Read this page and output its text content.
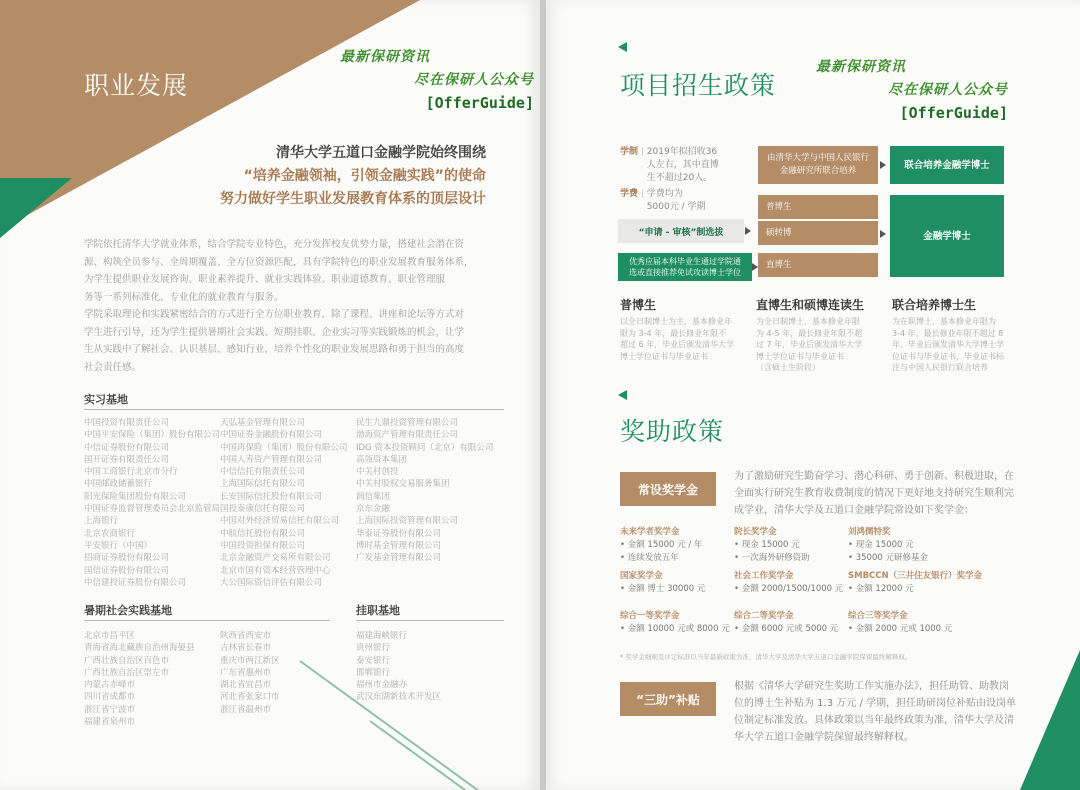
职业发展
最新保研资讯
尽在保研人公众号
[OfferGuide]
清华大学五道口金融学院始终围绕
“培养金融领袖，引领金融实践”的使命
努力做好学生职业发展教育体系的顶层设计
学院依托清华大学就业体系，结合学院专业特色，充分发挥校友优势力量，搭建社会潜在资
源、构筑全员参与、全周期覆盖、全方位资源匹配，具有学院特色的职业发展教育服务体系，
为学生提供职业发展咨询、职业素养提升、就业实践体验、职业道德教育、职业管理服
务等一系列标准化、专业化的就业教育与服务。
学院采取理论和实践紧密结合的方式进行全方位职业教育，除了课程、讲座和论坛等方式对
学生进行引导，还为学生提供暑期社会实践、短期挂职、企业实习等实践锻炼的机会，让学
生从实践中了解社会、认识基层、感知行业，培养个性化的职业发展思路和勇于担当的高度
社会责任感。
实习基地
中国投资有限责任公司
中国平安保险（集团）股份有限公司
中信证券股份有限公司
国开证券有限责任公司
中国工商银行北京市分行
中国邮政储蓄银行
阳光保险集团股份有限公司
中国证券监督管理委员会北京监管局
上海银行
北京农商银行
平安银行（中国）
招商证券股份有限公司
国信证券股份有限公司
中信建投证券股份有限公司
天弘基金管理有限公司
中国证券金融股份有限公司
中国再保险（集团）股份有限公司
中国人寿资产管理有限公司
中信信托有限责任公司
上海国际信托有限公司
长安国际信托股份有限公司
国投泰康信托有限公司
中国对外经济贸易信托有限公司
中航信托股份有限公司
中国投资担保有限公司
北京金融资产交易所有限公司
北京市国有资本经营管理中心
大公国际资信评估有限公司
民生九鼎投资管理有限公司
渤海资产管理有限责任公司
IDG 资本投资顾问（北京）有限公司
高瓴资本集团
中关村创投
中关村股权交易服务集团
润信集团
京东金融
上海国际投资管理有限公司
华泰证券股份有限公司
博时基金管理有限公司
广发基金管理有限公司
暑期社会实践基地	挂职基地
北京市昌平区
青海省海北藏族自治州海晏县
广西壮族自治区百色市
广西壮族自治区崇左市
内蒙古赤峰市
四川省成都市
浙江省宁波市
福建省泉州市
陕西省西安市
吉林省长春市
重庆市两江新区
广东省惠州市
湖北省宜昌市
河北省张家口市
浙江省温州市
福建海峡银行
贵州银行
泰安银行
邯郸银行
福州市金融办
武汉东湖新技术开发区
项目招生政策
最新保研资讯
尽在保研人公众号
[OfferGuide]
学制 | 2019年拟招收36
人左右，其中直博
生不超过20人。
学费 | 学费均为
5000元 / 学期
“申请 - 审核”制选拔
优秀应届本科毕业生通过学院通
选或直接推荐免试攻读博士学位
由清华大学与中国人民银行
金融研究所联合培养
联合培养金融学博士
普博生
硕转博
直博生
金融学博士
普博生
以全日制博士为主，基本修业年
限为 3-4 年，最长修业年限不
超过 6 年，毕业后颁发清华大学
博士学位证书与毕业证书
直博生和硕博连读生
为全日制博士，基本修业年限
为 4-5 年，最长修业年限不超
过 7 年，毕业后颁发清华大学
博士学位证书与毕业证书
（含硕士生阶段）
联合培养博士生
为在职博士，基本修业年限为
3-4 年，最长修业年限不超过 8
年，毕业后颁发清华大学博士学
位证书与毕业证书，毕业证书标
注与中国人民银行联合培养
奖助政策
常设奖学金
为了激励研究生勤奋学习、潜心科研、勇于创新、积极进取，在
全面实行研究生教育收费制度的情况下更好地支持研究生顺利完
成学业，清华大学及五道口金融学院常设如下奖学金：
未来学者奖学金
• 金额 15000 元 / 年
• 连续发放五年
院长奖学金
• 现金 15000 元
• 一次海外研修资助
刘鸿儒特奖
• 现金 15000 元
• 35000 元研修基金
国家奖学金
• 金额 博士 30000 元
社会工作奖学金
• 金额 2000/1500/1000 元
SMBCCN（三井住友银行）奖学金
• 金额 12000 元
综合一等奖学金
• 金额 10000 元或 8000 元
综合二等奖学金
• 金额 6000 元或 5000 元
综合三等奖学金
• 金额 2000 元或 1000 元
* 奖学金细则及评定标准以当年最新政策为准，清华大学及清华大学五道口金融学院保留最终解释权。
“三助”补贴
根据《清华大学研究生奖助工作实施办法》，担任助管、助教岗
位的博士生补贴为 1.3 万元 / 学期，担任助研岗位补贴由设岗单
位制定标准发放。具体政策以当年最终政策为准，清华大学及清
华大学五道口金融学院保留最终解释权。
